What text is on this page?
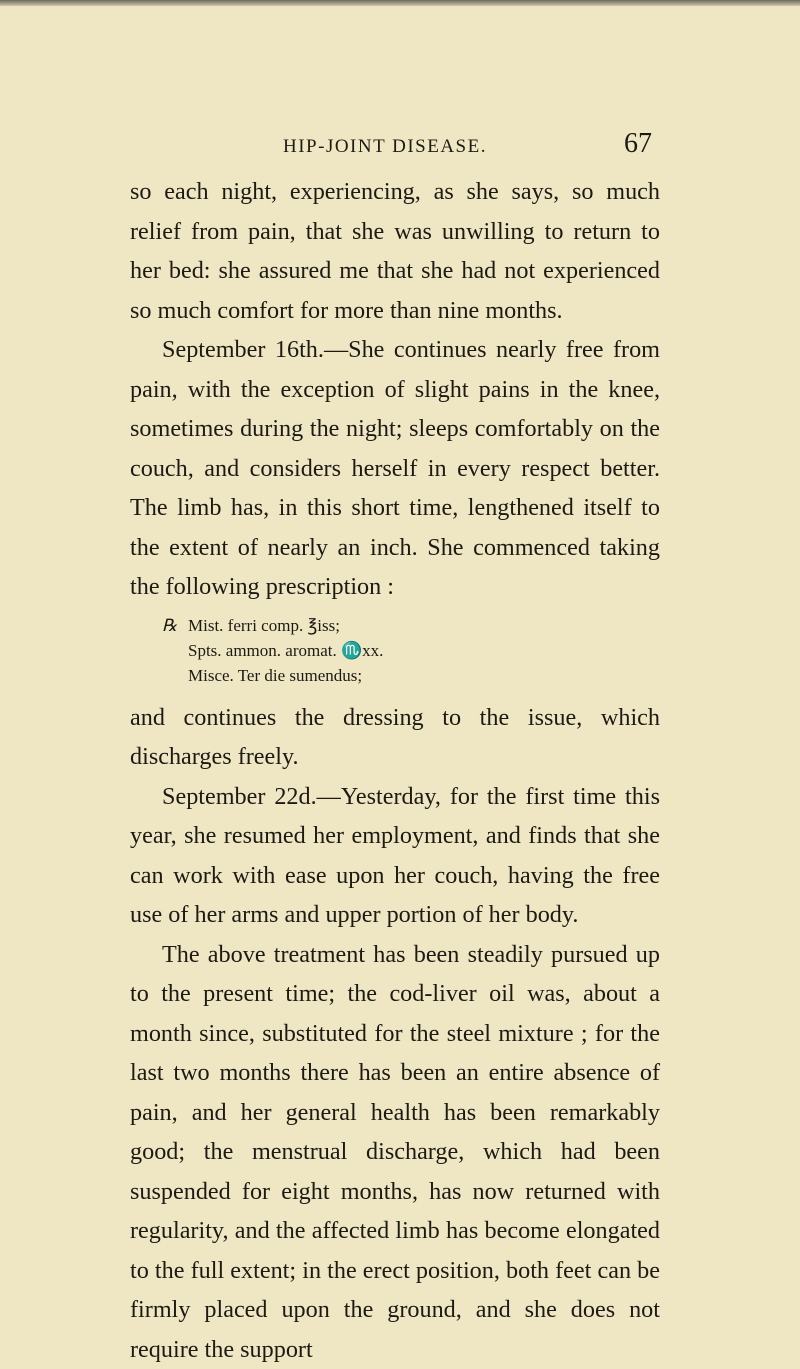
HIP-JOINT DISEASE.	67

so each night, experiencing, as she says, so much relief from pain, that she was unwilling to return to her bed: she assured me that she had not experienced so much comfort for more than nine months.

September 16th.—She continues nearly free from pain, with the exception of slight pains in the knee, sometimes during the night; sleeps comfortably on the couch, and considers herself in every respect better. The limb has, in this short time, lengthened itself to the extent of nearly an inch. She commenced taking the following prescription :

℞ Mist. ferri comp. ℥iss;
Spts. ammon. aromat. ♏xx.
Misce. Ter die sumendus;

and continues the dressing to the issue, which discharges freely.

September 22d.—Yesterday, for the first time this year, she resumed her employment, and finds that she can work with ease upon her couch, having the free use of her arms and upper portion of her body.

The above treatment has been steadily pursued up to the present time; the cod-liver oil was, about a month since, substituted for the steel mixture ; for the last two months there has been an entire absence of pain, and her general health has been remarkably good; the menstrual discharge, which had been suspended for eight months, has now returned with regularity, and the affected limb has become elongated to the full extent; in the erect position, both feet can be firmly placed upon the ground, and she does not require the support
